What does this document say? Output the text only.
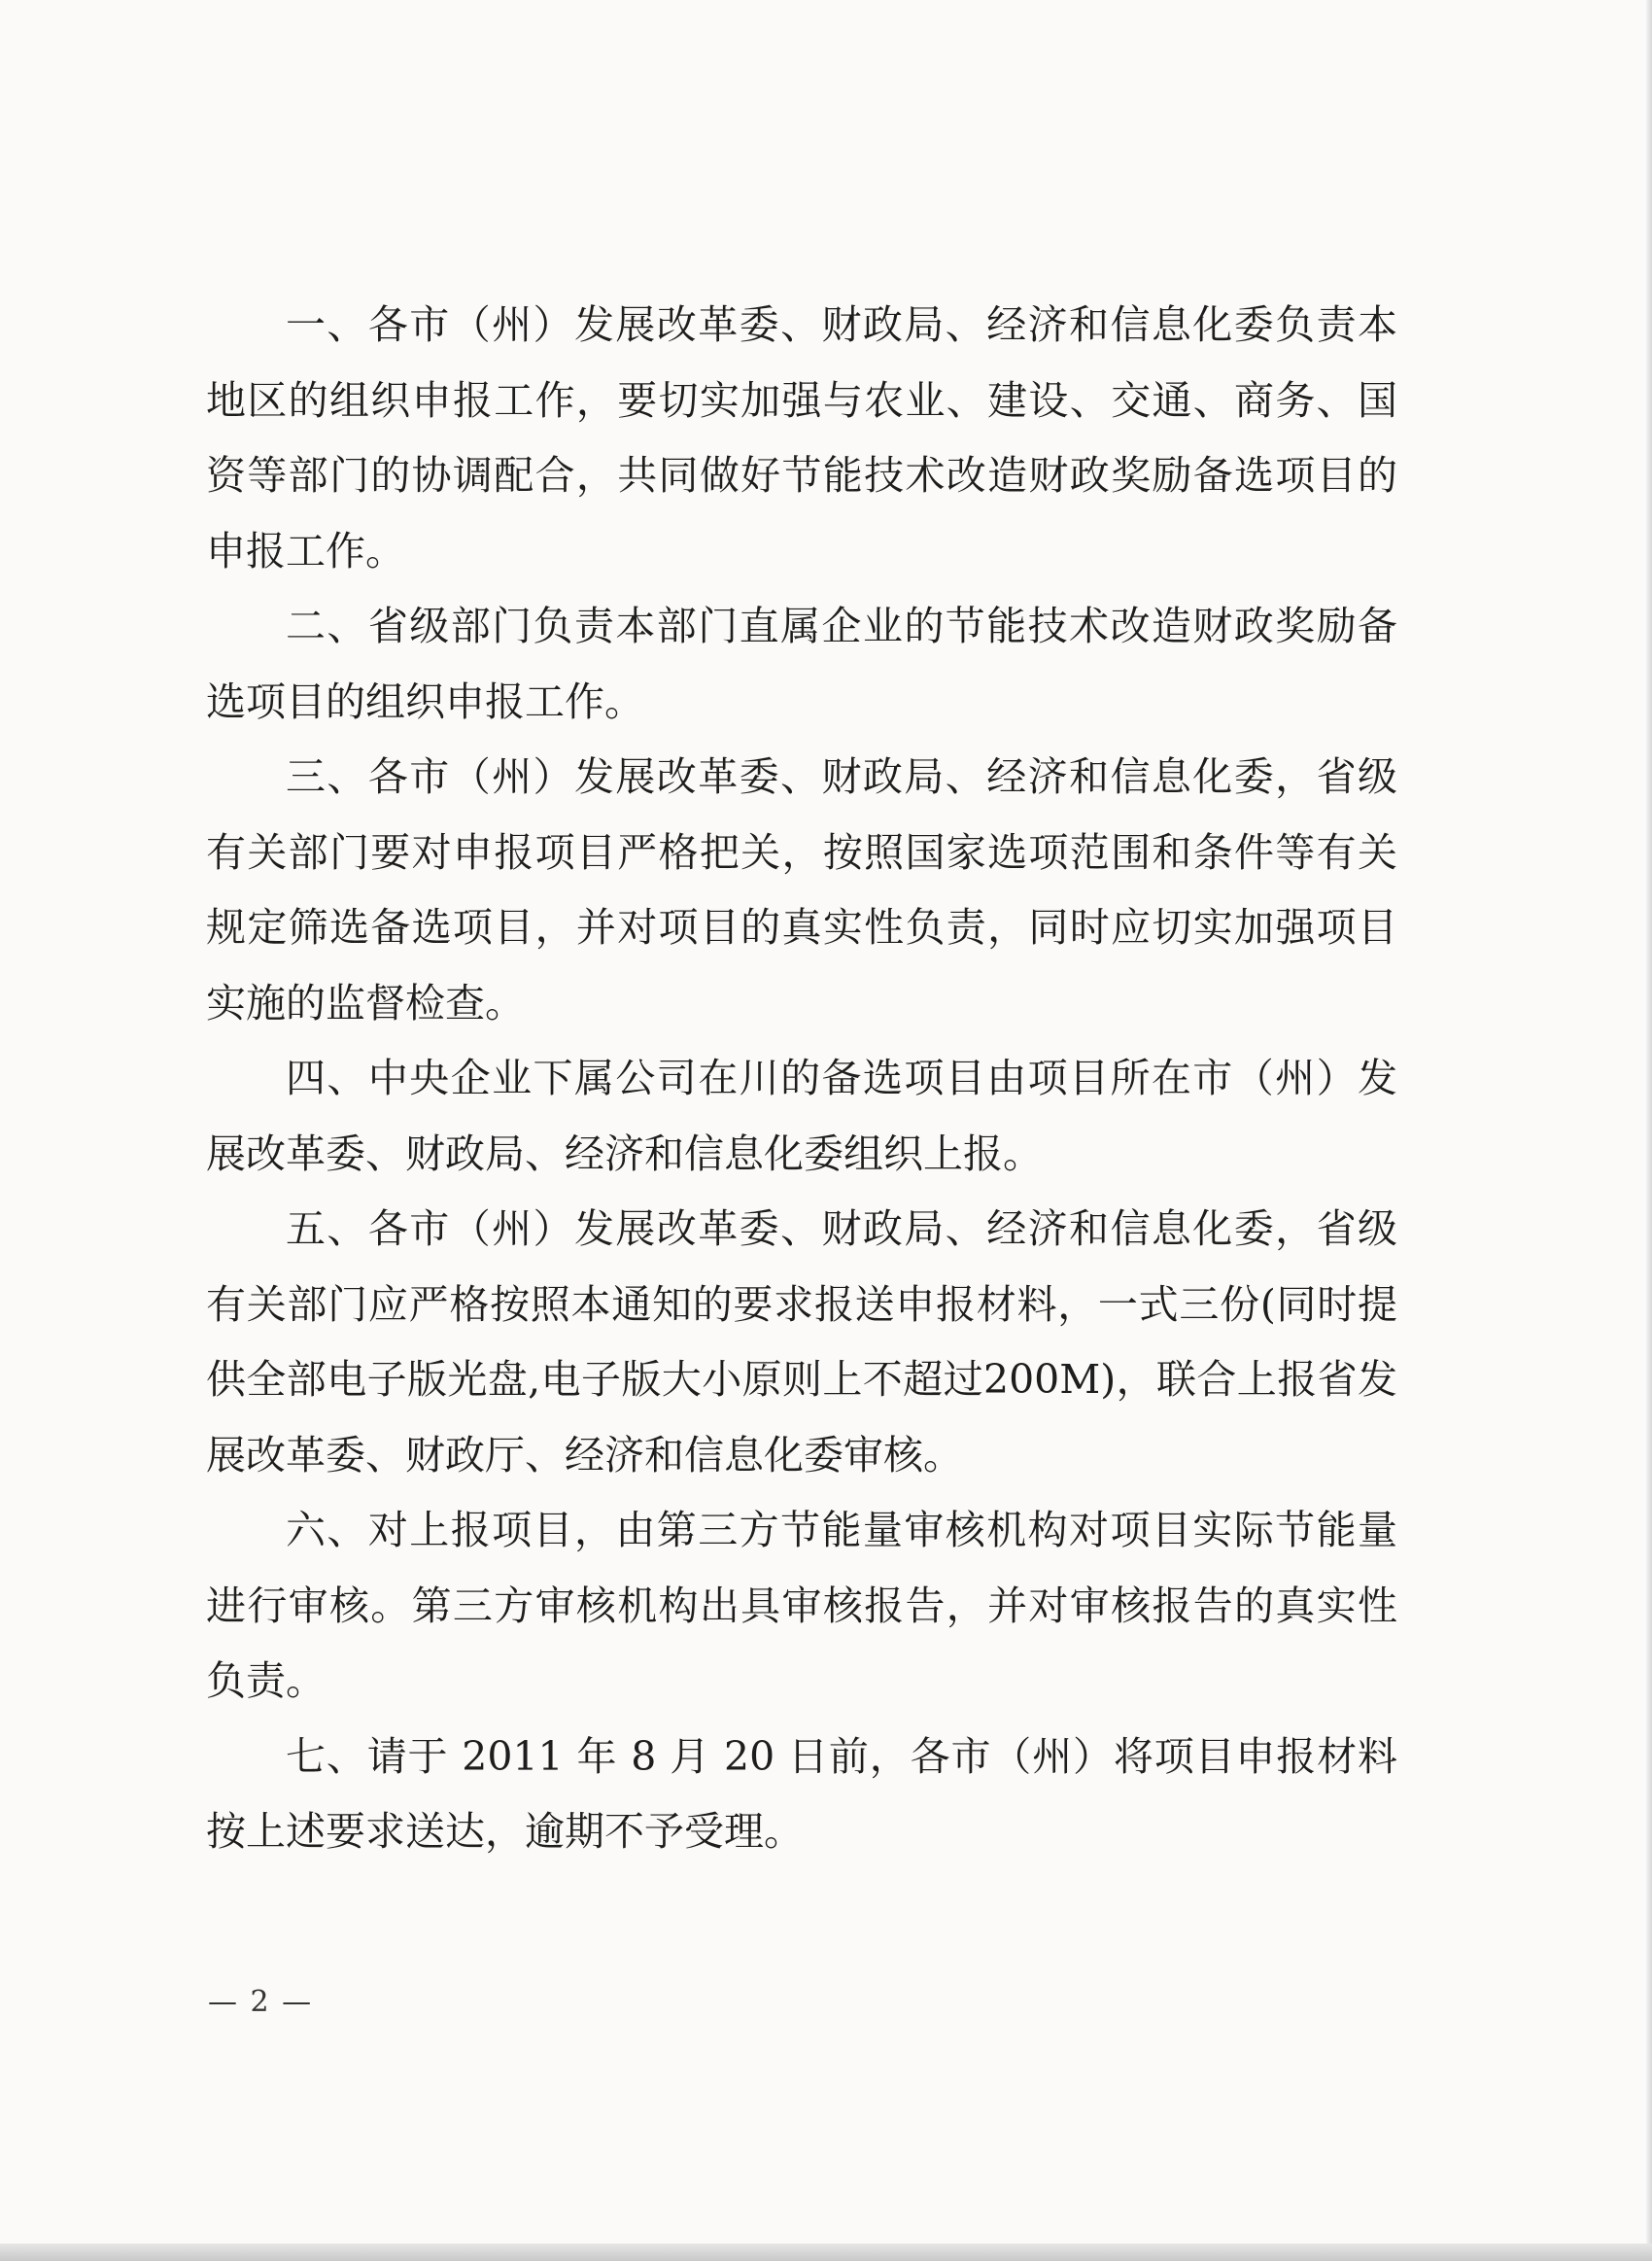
一、各市（州）发展改革委、财政局、经济和信息化委负责本地区的组织申报工作，要切实加强与农业、建设、交通、商务、国资等部门的协调配合，共同做好节能技术改造财政奖励备选项目的申报工作。

二、省级部门负责本部门直属企业的节能技术改造财政奖励备选项目的组织申报工作。

三、各市（州）发展改革委、财政局、经济和信息化委，省级有关部门要对申报项目严格把关，按照国家选项范围和条件等有关规定筛选备选项目，并对项目的真实性负责，同时应切实加强项目实施的监督检查。

四、中央企业下属公司在川的备选项目由项目所在市（州）发展改革委、财政局、经济和信息化委组织上报。

五、各市（州）发展改革委、财政局、经济和信息化委，省级有关部门应严格按照本通知的要求报送申报材料，一式三份(同时提供全部电子版光盘,电子版大小原则上不超过200M)，联合上报省发展改革委、财政厅、经济和信息化委审核。

六、对上报项目，由第三方节能量审核机构对项目实际节能量进行审核。第三方审核机构出具审核报告，并对审核报告的真实性负责。

七、请于 2011 年 8 月 20 日前，各市（州）将项目申报材料按上述要求送达，逾期不予受理。

— 2 —
